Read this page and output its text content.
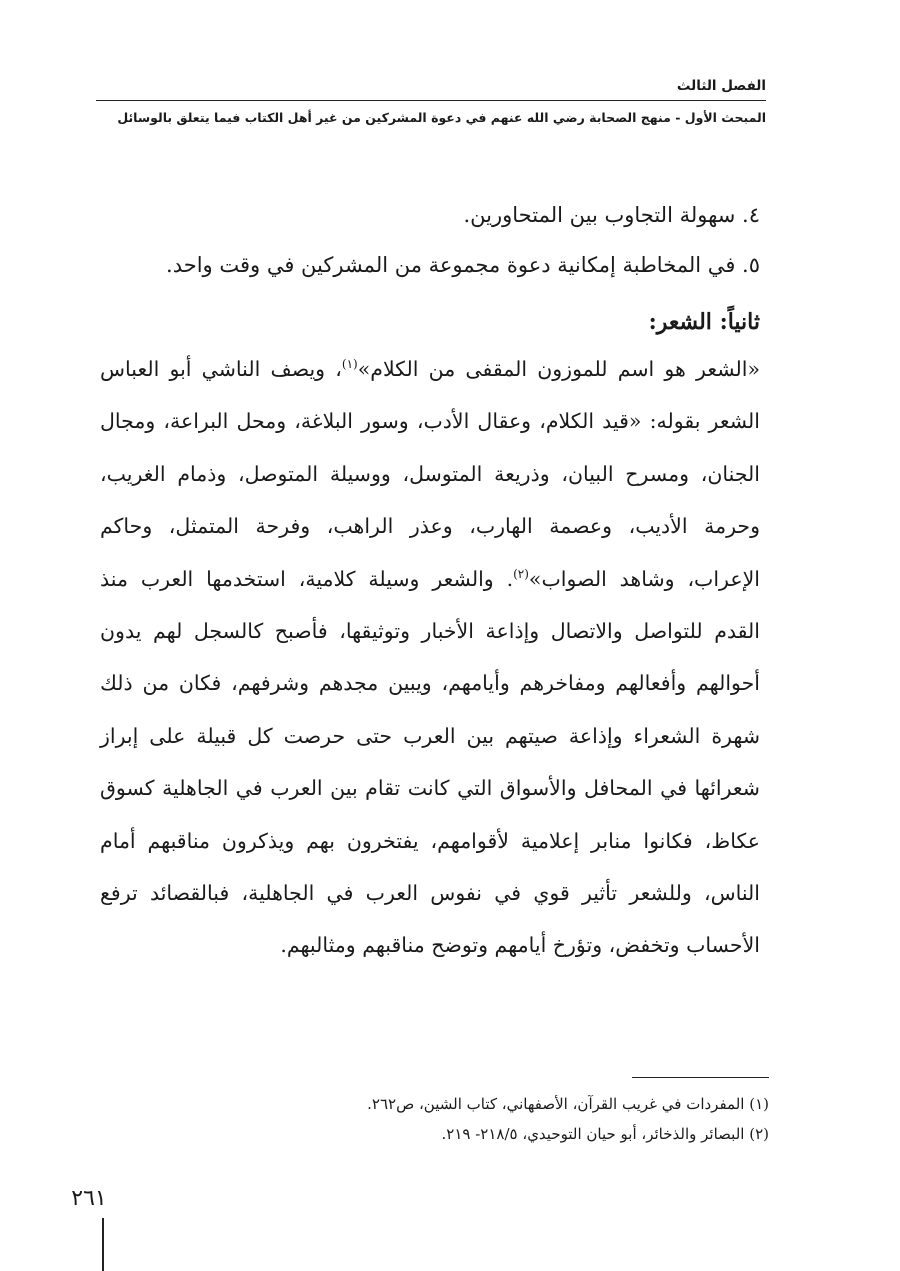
الفصل الثالث
المبحث الأول - منهج الصحابة رضي الله عنهم في دعوة المشركين من غير أهل الكتاب فيما يتعلق بالوسائل
٤. سهولة التجاوب بين المتحاورين.
٥. في المخاطبة إمكانية دعوة مجموعة من المشركين في وقت واحد.
ثانياً: الشعر:
«الشعر هو اسم للموزون المقفى من الكلام»$^{(١)}$، ويصف الناشي أبو العباس
الشعر بقوله: «قيد الكلام، وعقال الأدب، وسور البلاغة، ومحل البراعة، ومجال
الجنان، ومسرح البيان، وذريعة المتوسل، ووسيلة المتوصل، وذمام الغريب،
وحرمة الأديب، وعصمة الهارب، وعذر الراهب، وفرحة المتمثل، وحاكم
الإعراب، وشاهد الصواب»$^{(٢)}$. والشعر وسيلة كلامية، استخدمها العرب منذ
القدم للتواصل والاتصال وإذاعة الأخبار وتوثيقها، فأصبح كالسجل لهم يدون
أحوالهم وأفعالهم ومفاخرهم وأيامهم، ويبين مجدهم وشرفهم، فكان من ذلك
شهرة الشعراء وإذاعة صيتهم بين العرب حتى حرصت كل قبيلة على إبراز
شعرائها في المحافل والأسواق التي كانت تقام بين العرب في الجاهلية كسوق
عكاظ، فكانوا منابر إعلامية لأقوامهم، يفتخرون بهم ويذكرون مناقبهم أمام
الناس، وللشعر تأثير قوي في نفوس العرب في الجاهلية، فبالقصائد ترفع
الأحساب وتخفض، وتؤرخ أيامهم وتوضح مناقبهم ومثالبهم.
(١) المفردات في غريب القرآن، الأصفهاني، كتاب الشين، ص٢٦٢.
(٢) البصائر والذخائر، أبو حيان التوحيدي، ٢١٨/٥- ٢١٩.
٢٦١
